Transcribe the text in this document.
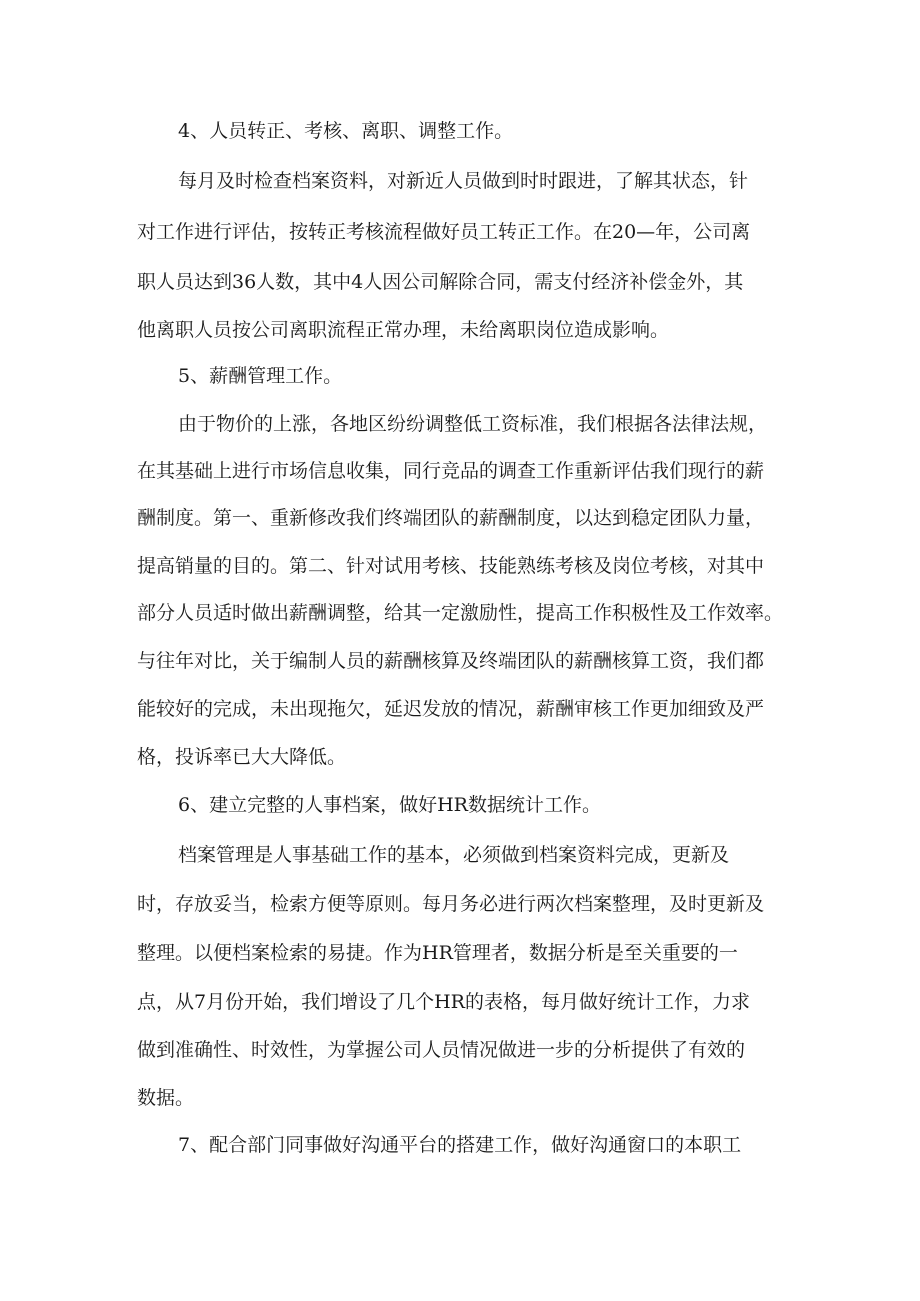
4、人员转正、考核、离职、调整工作。
每月及时检查档案资料，对新近人员做到时时跟进，了解其状态，针
对工作进行评估，按转正考核流程做好员工转正工作。在20—年，公司离
职人员达到36人数，其中4人因公司解除合同，需支付经济补偿金外，其
他离职人员按公司离职流程正常办理，未给离职岗位造成影响。
5、薪酬管理工作。
由于物价的上涨，各地区纷纷调整低工资标准，我们根据各法律法规，
在其基础上进行市场信息收集，同行竞品的调查工作重新评估我们现行的薪
酬制度。第一、重新修改我们终端团队的薪酬制度，以达到稳定团队力量，
提高销量的目的。第二、针对试用考核、技能熟练考核及岗位考核，对其中
部分人员适时做出薪酬调整，给其一定激励性，提高工作积极性及工作效率。
与往年对比，关于编制人员的薪酬核算及终端团队的薪酬核算工资，我们都
能较好的完成，未出现拖欠，延迟发放的情况，薪酬审核工作更加细致及严
格，投诉率已大大降低。
6、建立完整的人事档案，做好HR数据统计工作。
档案管理是人事基础工作的基本，必须做到档案资料完成，更新及
时，存放妥当，检索方便等原则。每月务必进行两次档案整理，及时更新及
整理。以便档案检索的易捷。作为HR管理者，数据分析是至关重要的一
点，从7月份开始，我们增设了几个HR的表格，每月做好统计工作，力求
做到准确性、时效性，为掌握公司人员情况做进一步的分析提供了有效的
数据。
7、配合部门同事做好沟通平台的搭建工作，做好沟通窗口的本职工
